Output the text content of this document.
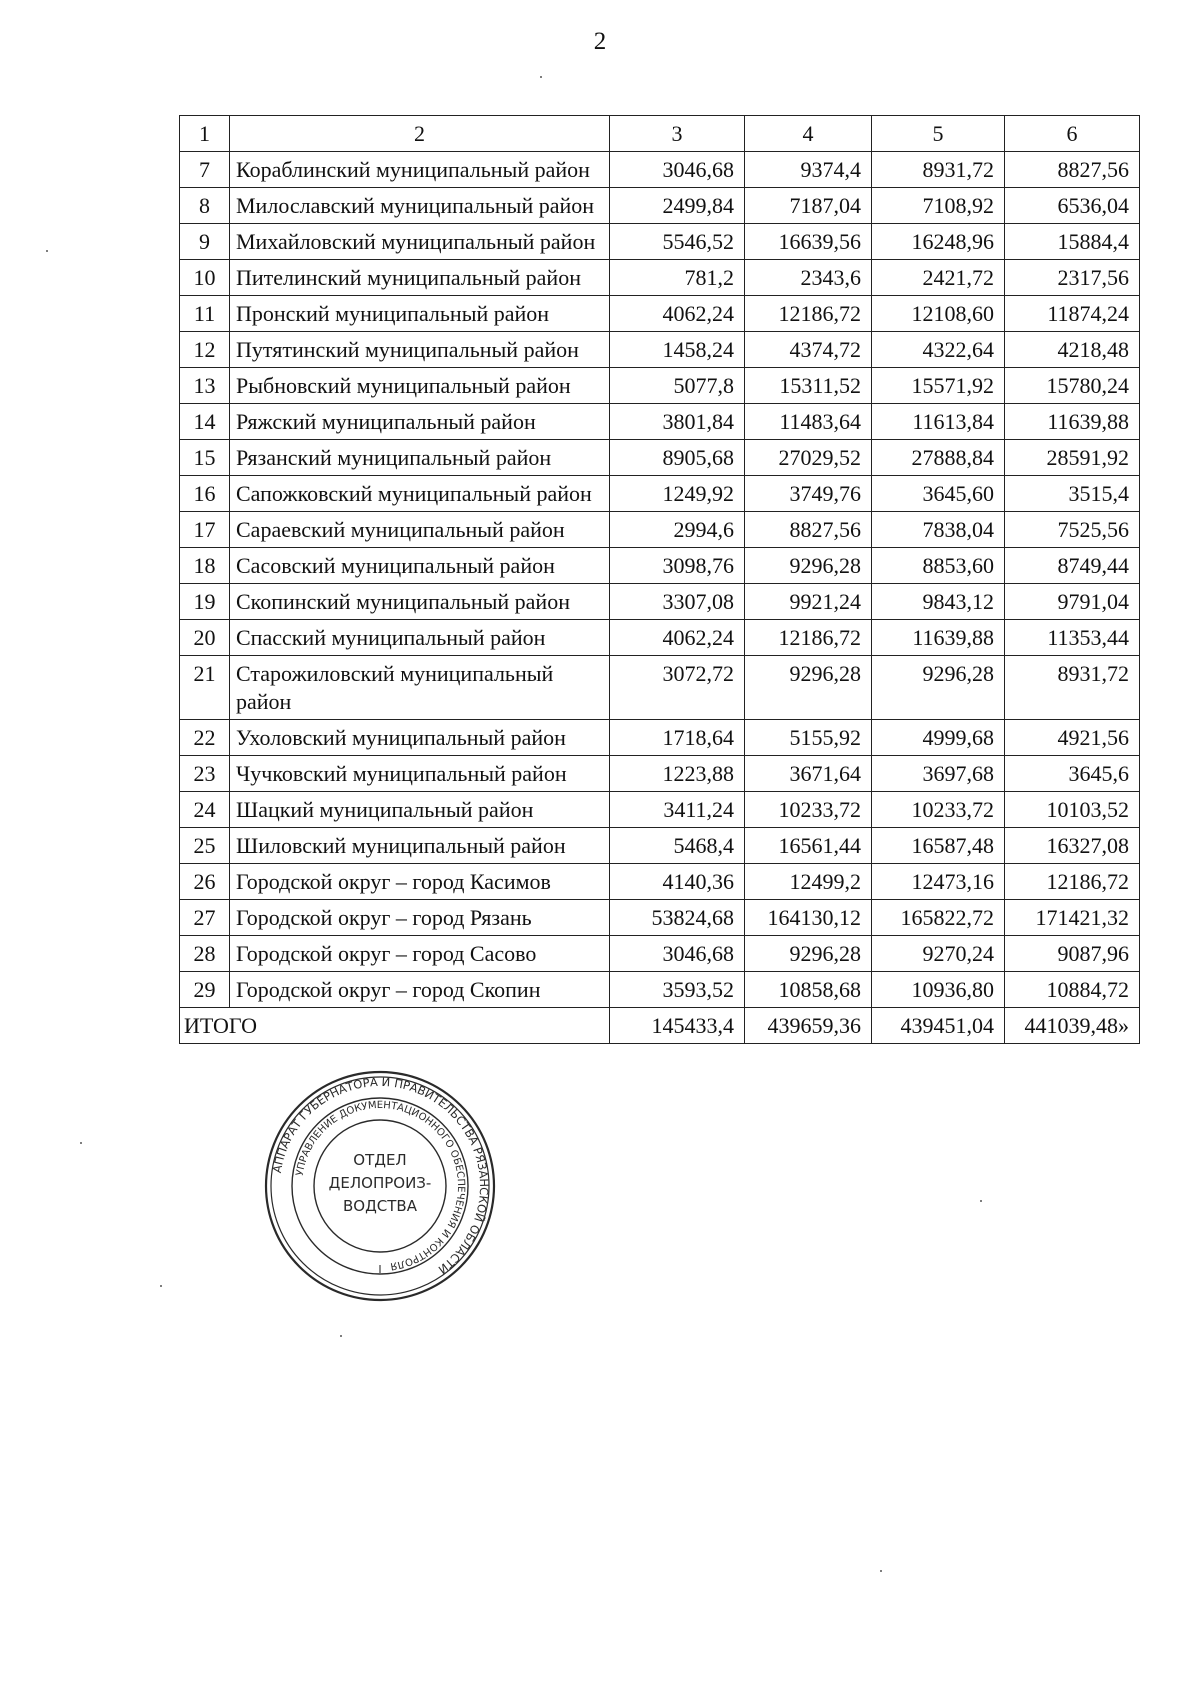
2
1	2	3	4	5	6
7	Кораблинский муниципальный район	3046,68	9374,4	8931,72	8827,56
8	Милославский муниципальный район	2499,84	7187,04	7108,92	6536,04
9	Михайловский муниципальный район	5546,52	16639,56	16248,96	15884,4
10	Пителинский муниципальный район	781,2	2343,6	2421,72	2317,56
11	Пронский муниципальный район	4062,24	12186,72	12108,60	11874,24
12	Путятинский муниципальный район	1458,24	4374,72	4322,64	4218,48
13	Рыбновский муниципальный район	5077,8	15311,52	15571,92	15780,24
14	Ряжский муниципальный район	3801,84	11483,64	11613,84	11639,88
15	Рязанский муниципальный район	8905,68	27029,52	27888,84	28591,92
16	Сапожковский муниципальный район	1249,92	3749,76	3645,60	3515,4
17	Сараевский муниципальный район	2994,6	8827,56	7838,04	7525,56
18	Сасовский муниципальный район	3098,76	9296,28	8853,60	8749,44
19	Скопинский муниципальный район	3307,08	9921,24	9843,12	9791,04
20	Спасский муниципальный район	4062,24	12186,72	11639,88	11353,44
21	Старожиловский муниципальный район	3072,72	9296,28	9296,28	8931,72
22	Ухоловский муниципальный район	1718,64	5155,92	4999,68	4921,56
23	Чучковский муниципальный район	1223,88	3671,64	3697,68	3645,6
24	Шацкий муниципальный район	3411,24	10233,72	10233,72	10103,52
25	Шиловский муниципальный район	5468,4	16561,44	16587,48	16327,08
26	Городской округ – город Касимов	4140,36	12499,2	12473,16	12186,72
27	Городской округ – город Рязань	53824,68	164130,12	165822,72	171421,32
28	Городской округ – город Сасово	3046,68	9296,28	9270,24	9087,96
29	Городской округ – город Скопин	3593,52	10858,68	10936,80	10884,72
ИТОГО		145433,4	439659,36	439451,04	441039,48»
АППАРАТ ГУБЕРНАТОРА И ПРАВИТЕЛЬСТВА РЯЗАНСКОЙ ОБЛАСТИ
УПРАВЛЕНИЕ ДОКУМЕНТАЦИОННОГО ОБЕСПЕЧЕНИЯ И КОНТРОЛЯ
ОТДЕЛ
ДЕЛОПРОИЗ-
ВОДСТВА
I
